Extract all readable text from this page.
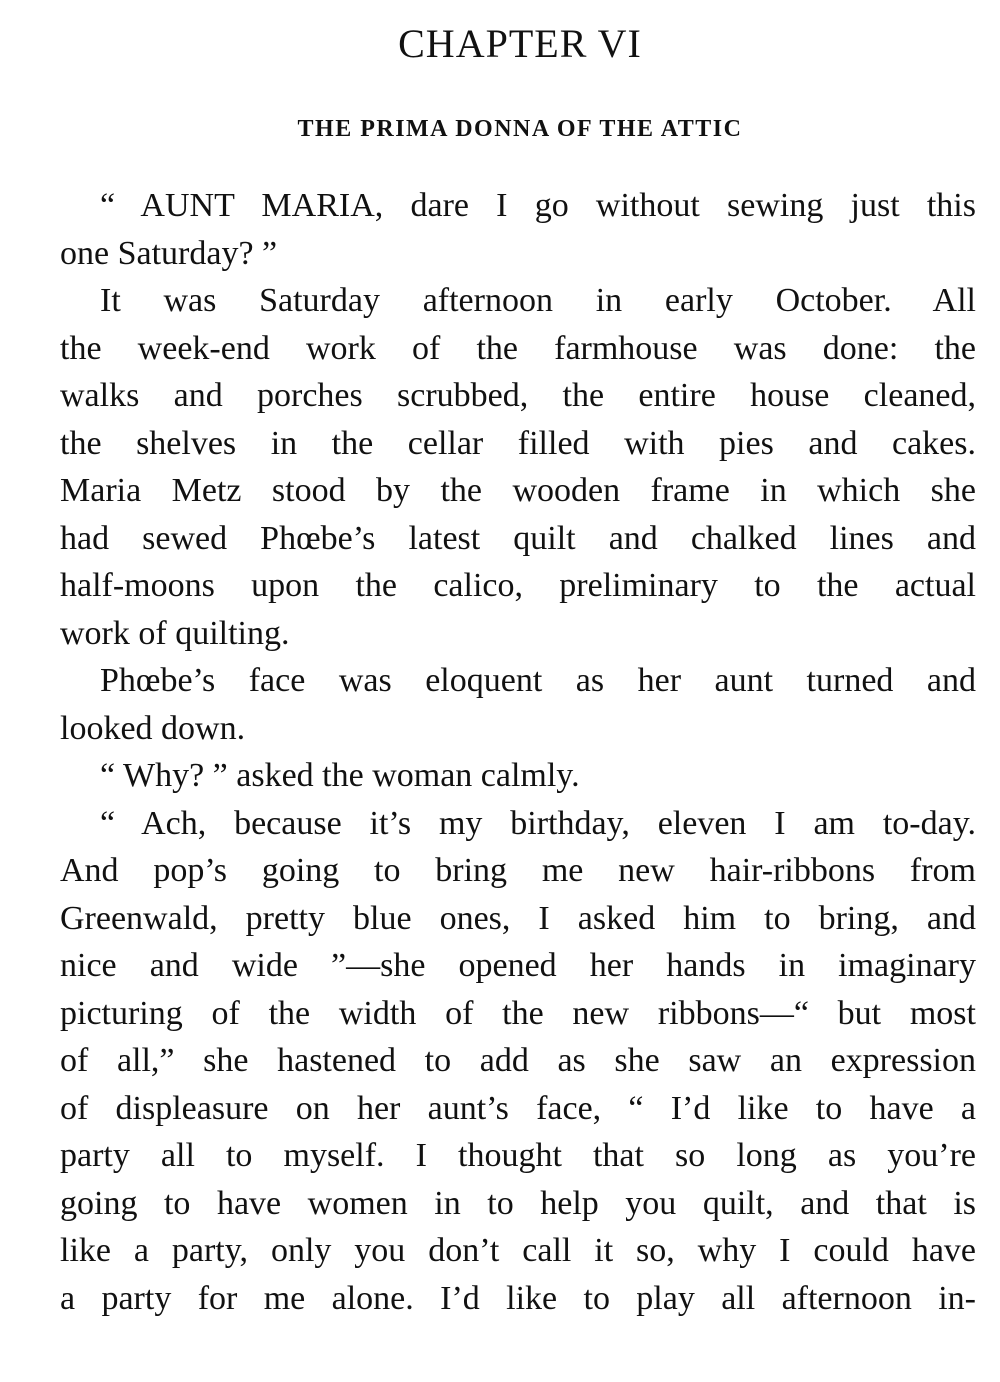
CHAPTER VI
THE PRIMA DONNA OF THE ATTIC
“ AUNT MARIA, dare I go without sewing just this
one Saturday? ”
It was Saturday afternoon in early October. All
the week-end work of the farmhouse was done: the
walks and porches scrubbed, the entire house cleaned,
the shelves in the cellar filled with pies and cakes.
Maria Metz stood by the wooden frame in which she
had sewed Phœbe’s latest quilt and chalked lines and
half-moons upon the calico, preliminary to the actual
work of quilting.
Phœbe’s face was eloquent as her aunt turned and
looked down.
“ Why? ” asked the woman calmly.
“ Ach, because it’s my birthday, eleven I am to-day.
And pop’s going to bring me new hair-ribbons from
Greenwald, pretty blue ones, I asked him to bring, and
nice and wide ”—she opened her hands in imaginary
picturing of the width of the new ribbons—“ but most
of all,” she hastened to add as she saw an expression
of displeasure on her aunt’s face, “ I’d like to have a
party all to myself. I thought that so long as you’re
going to have women in to help you quilt, and that is
like a party, only you don’t call it so, why I could have
a party for me alone. I’d like to play all afternoon in-
